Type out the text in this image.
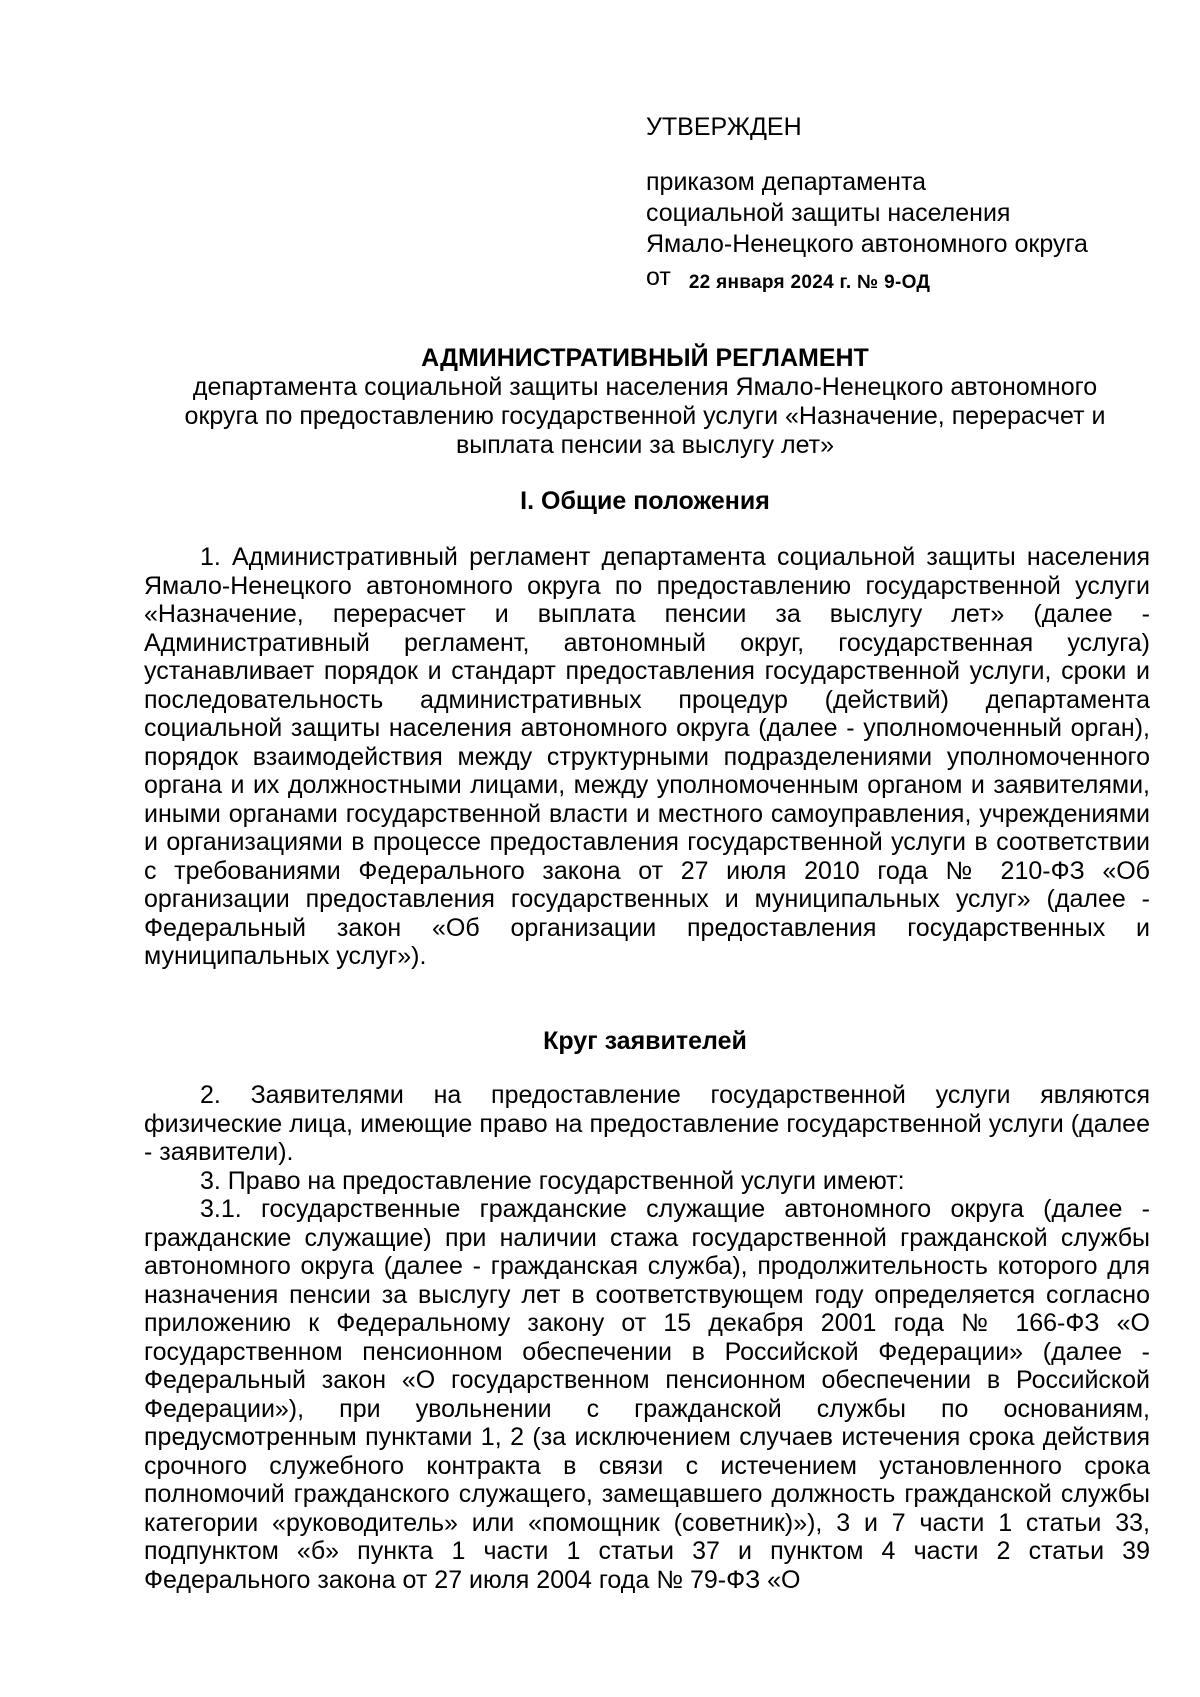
УТВЕРЖДЕН
приказом департамента
социальной защиты населения
Ямало-Ненецкого автономного округа
от 22 января 2024 г. № 9-ОД
АДМИНИСТРАТИВНЫЙ РЕГЛАМЕНТ
департамента социальной защиты населения Ямало-Ненецкого автономного
округа по предоставлению государственной услуги «Назначение, перерасчет и
выплата пенсии за выслугу лет»
I. Общие положения

1. Административный регламент департамента социальной защиты населения Ямало-Ненецкого автономного округа по предоставлению государственной услуги «Назначение, перерасчет и выплата пенсии за выслугу лет» (далее - Административный регламент, автономный округ, государственная услуга) устанавливает порядок и стандарт предоставления государственной услуги, сроки и последовательность административных процедур (действий) департамента социальной защиты населения автономного округа (далее - уполномоченный орган), порядок взаимодействия между структурными подразделениями уполномоченного органа и их должностными лицами, между уполномоченным органом и заявителями, иными органами государственной власти и местного самоуправления, учреждениями и организациями в процессе предоставления государственной услуги в соответствии с требованиями Федерального закона от 27 июля 2010 года № 210-ФЗ «Об организации предоставления государственных и муниципальных услуг» (далее - Федеральный закон «Об организации предоставления государственных и муниципальных услуг»).

Круг заявителей

2. Заявителями на предоставление государственной услуги являются физические лица, имеющие право на предоставление государственной услуги (далее - заявители).

3. Право на предоставление государственной услуги имеют:

3.1. государственные гражданские служащие автономного округа (далее - гражданские служащие) при наличии стажа государственной гражданской службы автономного округа (далее - гражданская служба), продолжительность которого для назначения пенсии за выслугу лет в соответствующем году определяется согласно приложению к Федеральному закону от 15 декабря 2001 года № 166-ФЗ «О государственном пенсионном обеспечении в Российской Федерации» (далее - Федеральный закон «О государственном пенсионном обеспечении в Российской Федерации»), при увольнении с гражданской службы по основаниям, предусмотренным пунктами 1, 2 (за исключением случаев истечения срока действия срочного служебного контракта в связи с истечением установленного срока полномочий гражданского служащего, замещавшего должность гражданской службы категории «руководитель» или «помощник (советник)»), 3 и 7 части 1 статьи 33, подпунктом «б» пункта 1 части 1 статьи 37 и пунктом 4 части 2 статьи 39 Федерального закона от 27 июля 2004 года № 79-ФЗ «О
